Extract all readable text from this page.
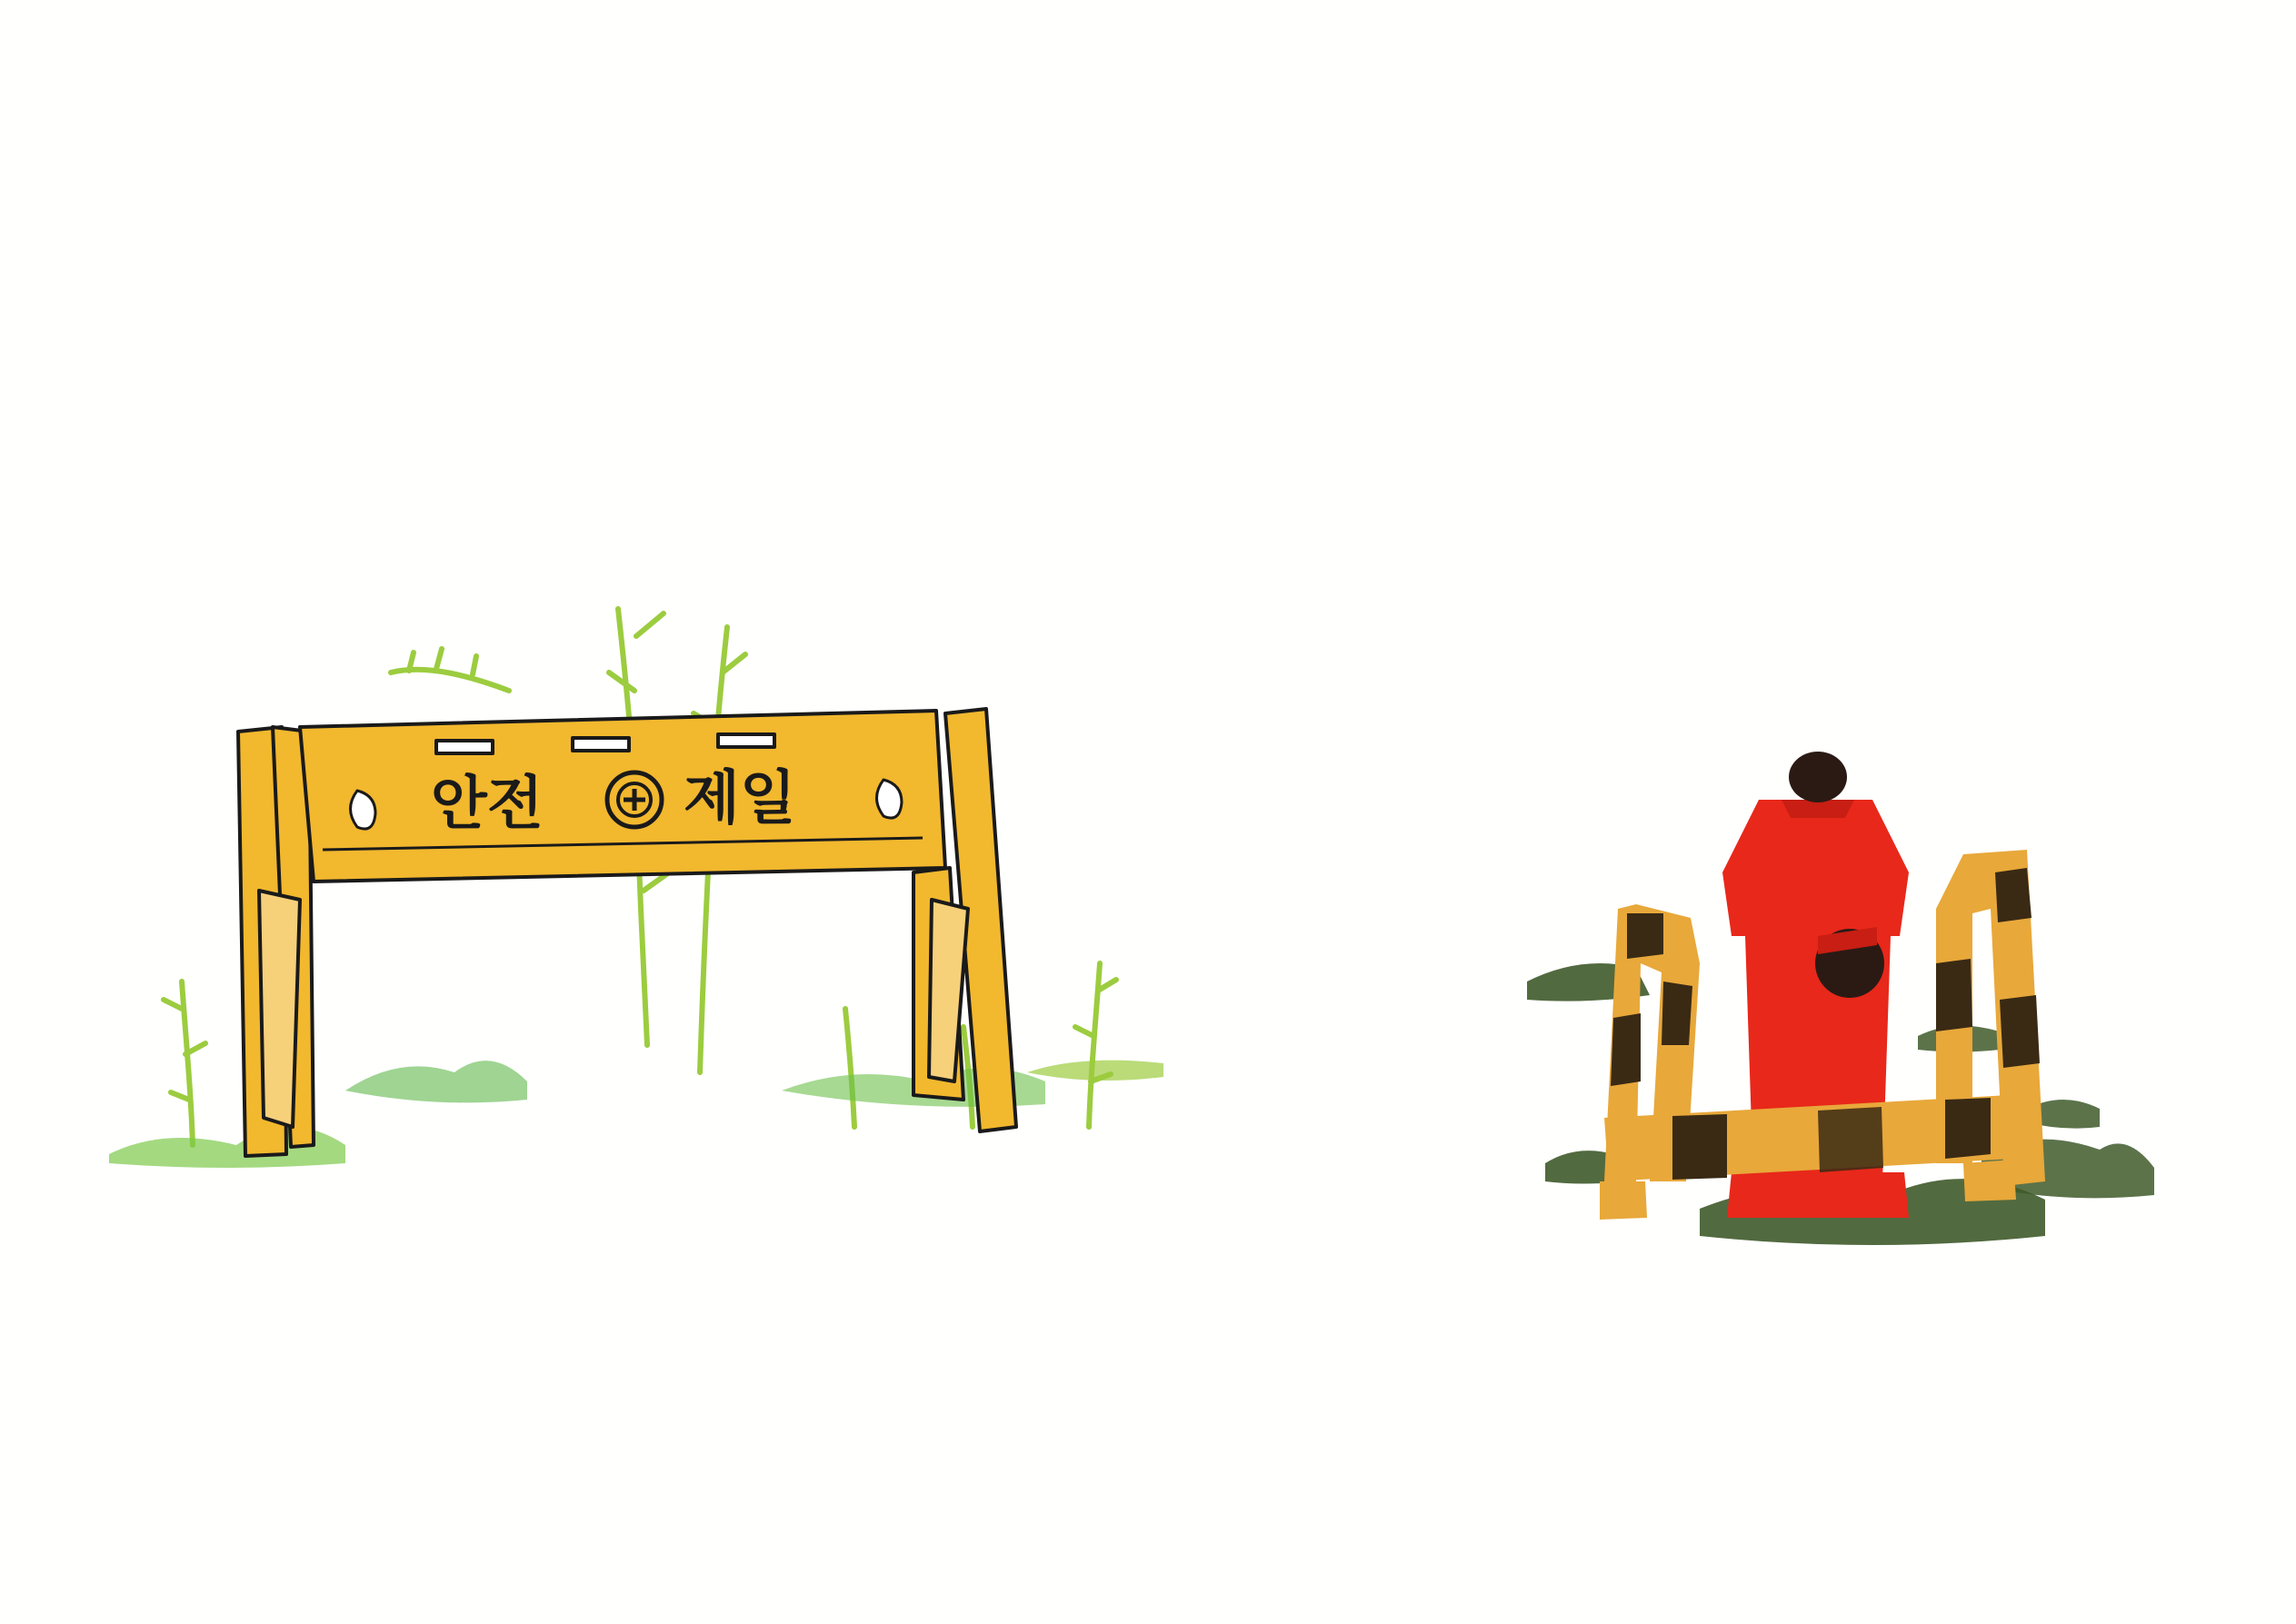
안전 제일
